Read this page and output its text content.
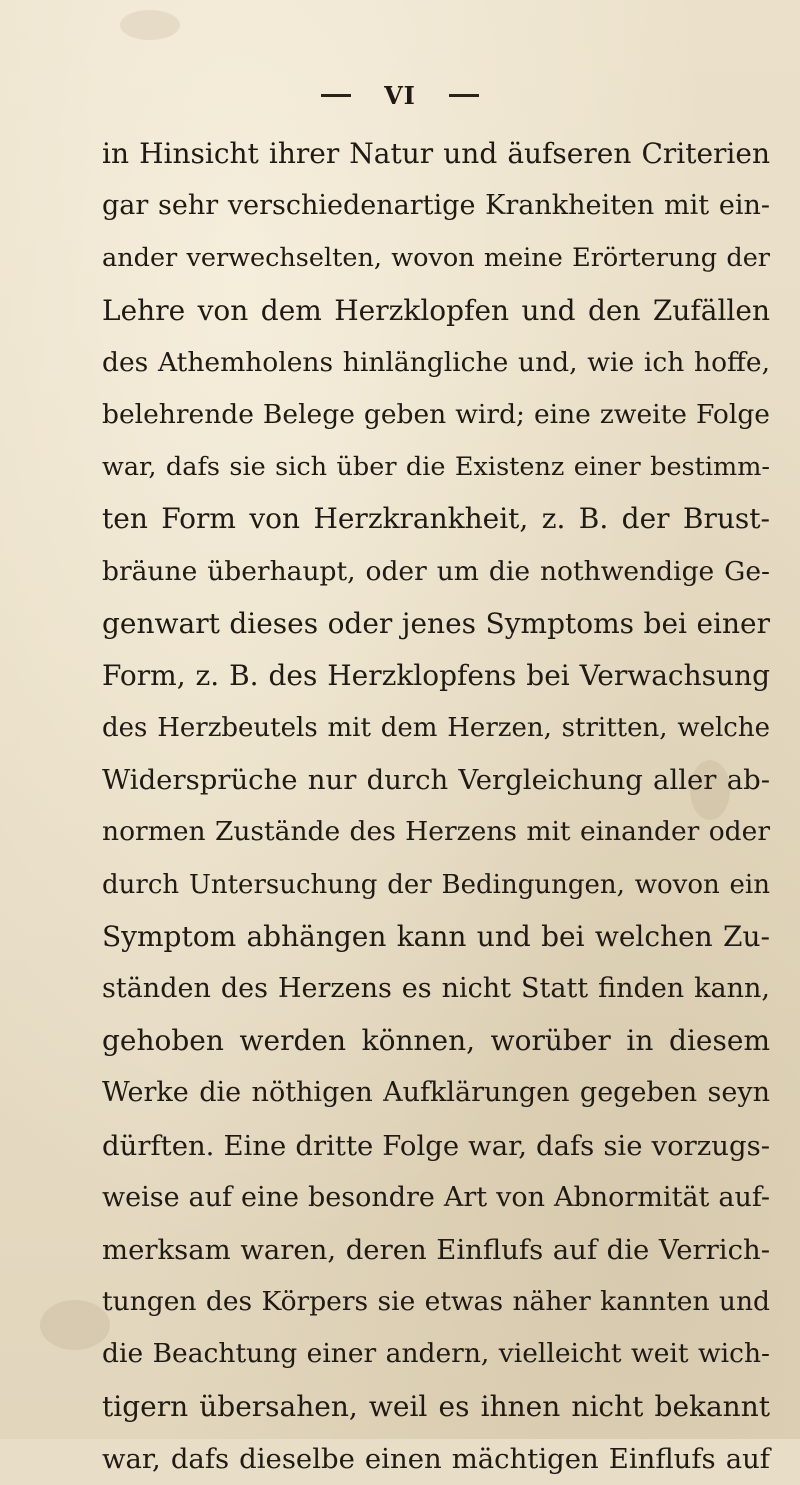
VI
in Hinsicht ihrer Natur und äufseren Criterien
gar sehr verschiedenartige Krankheiten mit ein-
ander verwechselten, wovon meine Erörterung der
Lehre von dem Herzklopfen und den Zufällen
des Athemholens hinlängliche und, wie ich hoffe,
belehrende Belege geben wird; eine zweite Folge
war, dafs sie sich über die Existenz einer bestimm-
ten Form von Herzkrankheit, z. B. der Brust-
bräune überhaupt, oder um die nothwendige Ge-
genwart dieses oder jenes Symptoms bei einer
Form, z. B. des Herzklopfens bei Verwachsung
des Herzbeutels mit dem Herzen, stritten, welche
Widersprüche nur durch Vergleichung aller ab-
normen Zustände des Herzens mit einander oder
durch Untersuchung der Bedingungen, wovon ein
Symptom abhängen kann und bei welchen Zu-
ständen des Herzens es nicht Statt finden kann,
gehoben werden können, worüber in diesem
Werke die nöthigen Aufklärungen gegeben seyn
dürften. Eine dritte Folge war, dafs sie vorzugs-
weise auf eine besondre Art von Abnormität auf-
merksam waren, deren Einflufs auf die Verrich-
tungen des Körpers sie etwas näher kannten und
die Beachtung einer andern, vielleicht weit wich-
tigern übersahen, weil es ihnen nicht bekannt
war, dafs dieselbe einen mächtigen Einflufs auf
